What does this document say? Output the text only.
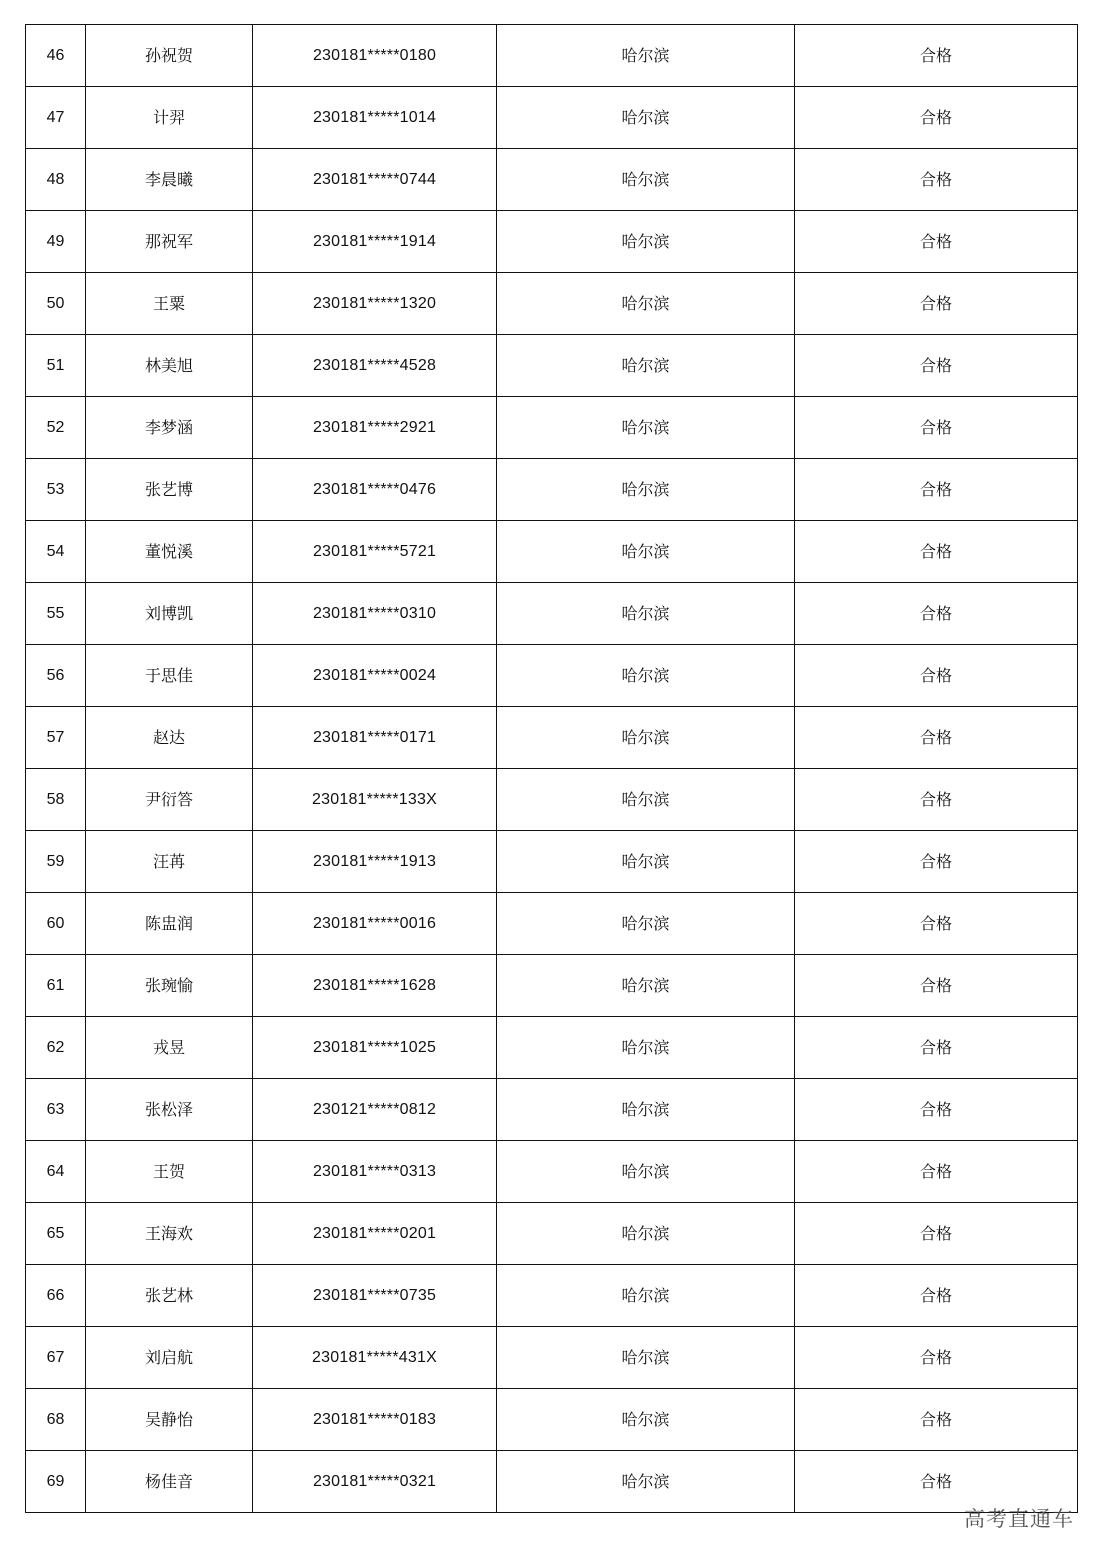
46	孙祝贺	230181*****0180	哈尔滨	合格
47	计羿	230181*****1014	哈尔滨	合格
48	李晨曦	230181*****0744	哈尔滨	合格
49	那祝军	230181*****1914	哈尔滨	合格
50	王粟	230181*****1320	哈尔滨	合格
51	林美旭	230181*****4528	哈尔滨	合格
52	李梦涵	230181*****2921	哈尔滨	合格
53	张艺博	230181*****0476	哈尔滨	合格
54	董悦溪	230181*****5721	哈尔滨	合格
55	刘博凯	230181*****0310	哈尔滨	合格
56	于思佳	230181*****0024	哈尔滨	合格
57	赵达	230181*****0171	哈尔滨	合格
58	尹衍答	230181*****133X	哈尔滨	合格
59	汪苒	230181*****1913	哈尔滨	合格
60	陈盅润	230181*****0016	哈尔滨	合格
61	张琬愉	230181*****1628	哈尔滨	合格
62	戎昱	230181*****1025	哈尔滨	合格
63	张松泽	230121*****0812	哈尔滨	合格
64	王贺	230181*****0313	哈尔滨	合格
65	王海欢	230181*****0201	哈尔滨	合格
66	张艺林	230181*****0735	哈尔滨	合格
67	刘启航	230181*****431X	哈尔滨	合格
68	吴静怡	230181*****0183	哈尔滨	合格
69	杨佳音	230181*****0321	哈尔滨	合格
高考直通车
